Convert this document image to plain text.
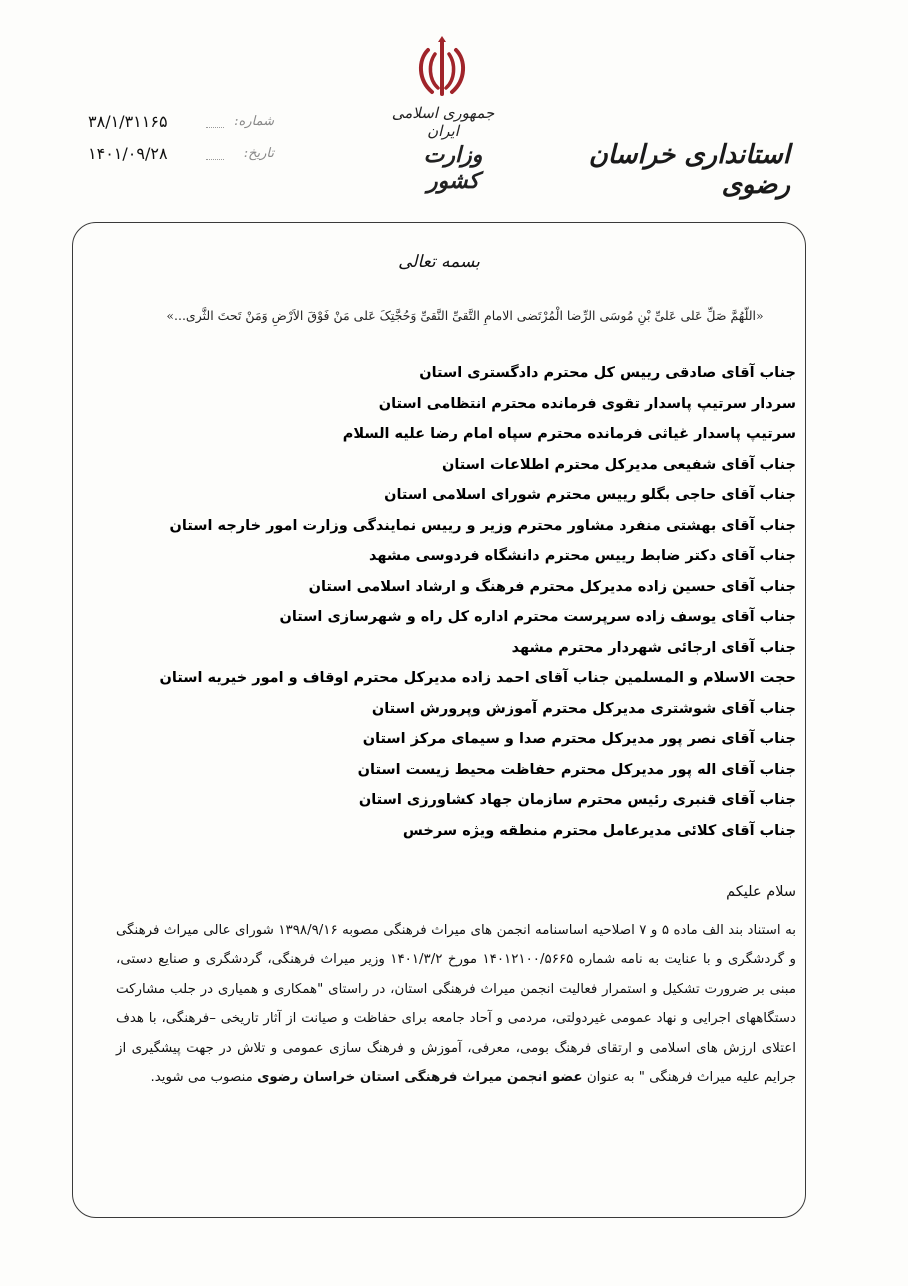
جمهوری اسلامی ایران
وزارت کشور
استانداری خراسان رضوی
۳۸/۱/۳۱۱۶۵	شماره:
۱۴۰۱/۰۹/۲۸	تاریخ:
بسمه تعالی
«اللّهُمَّ صَلِّ عَلی عَلیِّ بْنِ مُوسَی الرِّضا الْمُرْتَضی الامامِ التَّقیِّ النَّقیِّ وَحُجَّتِکَ عَلی مَنْ فَوْقَ الاَرْضِ وَمَنْ تَحتَ الثَّری...»
جناب آقای صادقی رییس کل محترم دادگستری استان
سردار سرتیپ پاسدار تقوی فرمانده محترم انتظامی استان
سرتیپ پاسدار غیاثی فرمانده محترم سپاه امام رضا علیه السلام
جناب آقای شفیعی مدیرکل محترم اطلاعات استان
جناب آقای حاجی بگلو رییس محترم شورای اسلامی استان
جناب آقای بهشتی منفرد مشاور محترم وزیر و رییس نمایندگی وزارت امور خارجه استان
جناب آقای دکتر ضابط رییس محترم دانشگاه فردوسی مشهد
جناب آقای حسین زاده مدیرکل محترم فرهنگ و ارشاد اسلامی استان
جناب آقای یوسف زاده سرپرست محترم اداره کل راه و شهرسازی استان
جناب آقای ارجائی شهردار محترم مشهد
حجت الاسلام و المسلمین جناب آقای احمد زاده مدیرکل محترم اوقاف و امور خیریه استان
جناب آقای شوشتری مدیرکل محترم آموزش وپرورش استان
جناب آقای نصر پور مدیرکل محترم صدا و سیمای مرکز استان
جناب آقای اله پور مدیرکل محترم حفاظت محیط زیست استان
جناب آقای قنبری رئیس محترم سازمان جهاد کشاورزی استان
جناب آقای کلائی مدیرعامل محترم منطقه ویژه سرخس
سلام علیکم

به استناد بند الف ماده ۵ و ۷ اصلاحیه اساسنامه انجمن های میراث فرهنگی مصوبه ۱۳۹۸/۹/۱۶ شورای عالی میراث فرهنگی و گردشگری و با عنایت به نامه شماره ۱۴۰۱۲۱۰۰/۵۶۶۵ مورخ ۱۴۰۱/۳/۲ وزیر میراث فرهنگی، گردشگری و صنایع دستی، مبنی بر ضرورت تشکیل و استمرار فعالیت انجمن میراث فرهنگی استان، در راستای "همکاری و همیاری در جلب مشارکت دستگاههای اجرایی و نهاد عمومی غیردولتی، مردمی و آحاد جامعه برای حفاظت و صیانت از آثار تاریخی –فرهنگی، با هدف اعتلای ارزش های اسلامی و ارتقای فرهنگ بومی، معرفی، آموزش و فرهنگ سازی عمومی و تلاش در جهت پیشگیری از جرایم علیه میراث فرهنگی " به عنوان عضو انجمن میراث فرهنگی استان خراسان رضوی منصوب می شوید.
